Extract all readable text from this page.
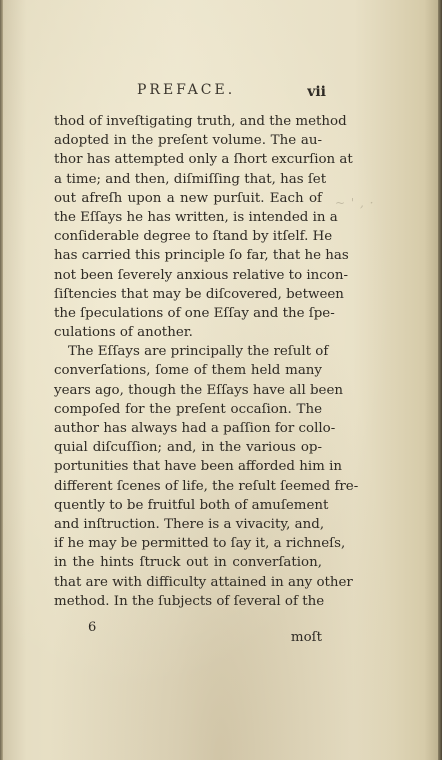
~ ' , ·
PREFACE.	vii
thod of inveſtigating truth, and the method
adopted in the preſent volume. The au-
thor has attempted only a ſhort excurſion at
a time; and then, diſmiſſing that, has ſet
out afreſh upon a new purſuit. Each of
the Eſſays he has written, is intended in a
conſiderable degree to ſtand by itſelf. He
has carried this principle ſo far, that he has
not been ſeverely anxious relative to incon-
ſiſtencies that may be diſcovered, between
the ſpeculations of one Eſſay and the ſpe-
culations of another.
The Eſſays are principally the reſult of
converſations, ſome of them held many
years ago, though the Eſſays have all been
compoſed for the preſent occaſion. The
author has always had a paſſion for collo-
quial diſcuſſion; and, in the various op-
portunities that have been afforded him in
different ſcenes of life, the reſult ſeemed fre-
quently to be fruitful both of amuſement
and inſtruction. There is a vivacity, and,
if he may be permitted to ſay it, a richneſs,
in the hints ſtruck out in converſation,
that are with difficulty attained in any other
method. In the ſubjects of ſeveral of the
6
moſt
